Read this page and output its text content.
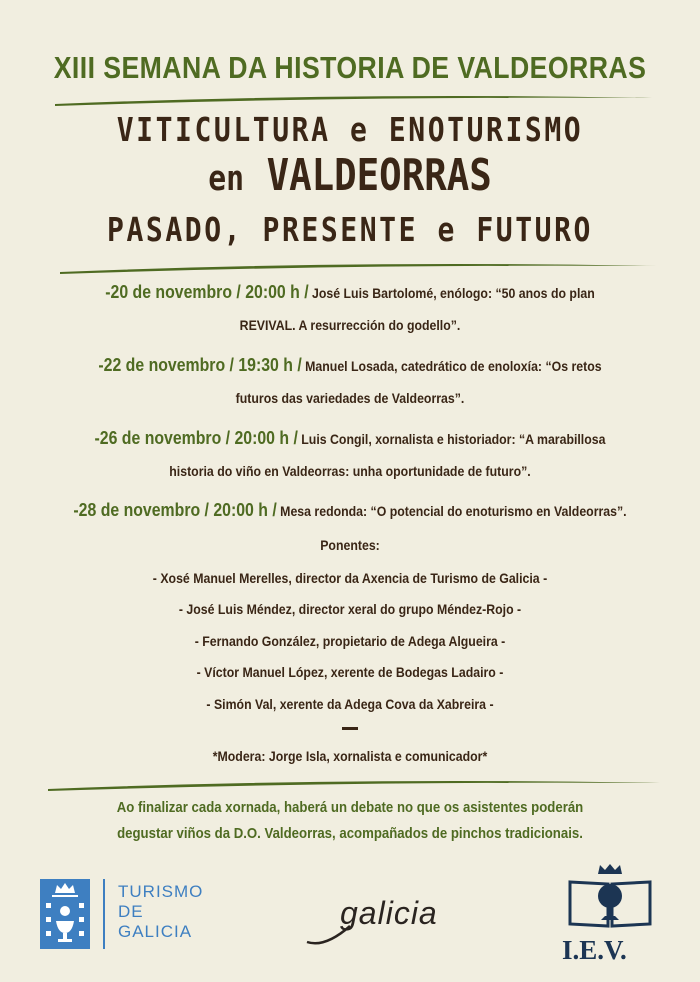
XIII SEMANA DA HISTORIA DE VALDEORRAS
VITICULTURA e ENOTURISMO
en VALDEORRAS
PASADO, PRESENTE e FUTURO
-20 de novembro / 20:00 h / José Luis Bartolomé, enólogo: “50 anos do plan
REVIVAL. A resurrección do godello”.
-22 de novembro / 19:30 h / Manuel Losada, catedrático de enoloxía: “Os retos
futuros das variedades de Valdeorras”.
-26 de novembro / 20:00 h / Luis Congil, xornalista e historiador: “A marabillosa
historia do viño en Valdeorras: unha oportunidade de futuro”.
-28 de novembro / 20:00 h / Mesa redonda: “O potencial do enoturismo en Valdeorras”.
Ponentes:
- Xosé Manuel Merelles, director da Axencia de Turismo de Galicia -
- José Luis Méndez, director xeral do grupo Méndez-Rojo -
- Fernando González, propietario de Adega Algueira -
- Víctor Manuel López, xerente de Bodegas Ladairo -
- Simón Val, xerente da Adega Cova da Xabreira -
*Modera: Jorge Isla, xornalista e comunicador*
Ao finalizar cada xornada, haberá un debate no que os asistentes poderán
degustar viños da D.O. Valdeorras, acompañados de pinchos tradicionais.
TURISMO
DE
GALICIA
galicia
I.E.V.
